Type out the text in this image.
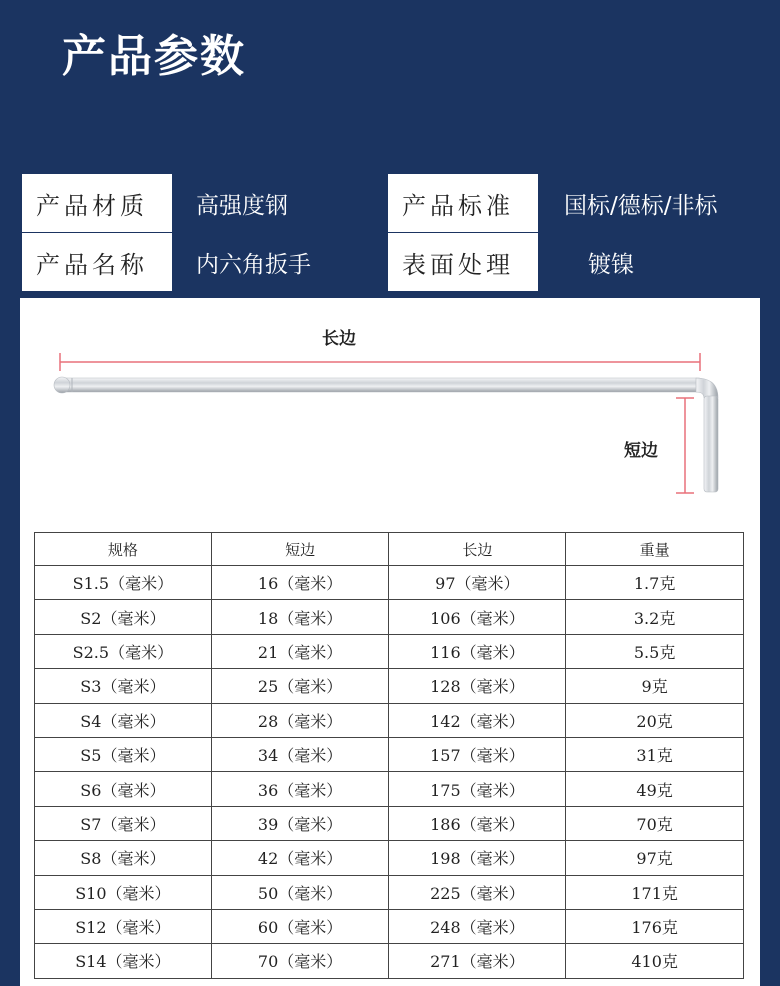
产品参数
产品材质	高强度钢	产品标准	国标/德标/非标
产品名称	内六角扳手	表面处理	镀镍
长边
短边
规格	短边	长边	重量
S1.5（毫米）	16（毫米）	97（毫米）	1.7克
S2（毫米）	18（毫米）	106（毫米）	3.2克
S2.5（毫米）	21（毫米）	116（毫米）	5.5克
S3（毫米）	25（毫米）	128（毫米）	9克
S4（毫米）	28（毫米）	142（毫米）	20克
S5（毫米）	34（毫米）	157（毫米）	31克
S6（毫米）	36（毫米）	175（毫米）	49克
S7（毫米）	39（毫米）	186（毫米）	70克
S8（毫米）	42（毫米）	198（毫米）	97克
S10（毫米）	50（毫米）	225（毫米）	171克
S12（毫米）	60（毫米）	248（毫米）	176克
S14（毫米）	70（毫米）	271（毫米）	410克
